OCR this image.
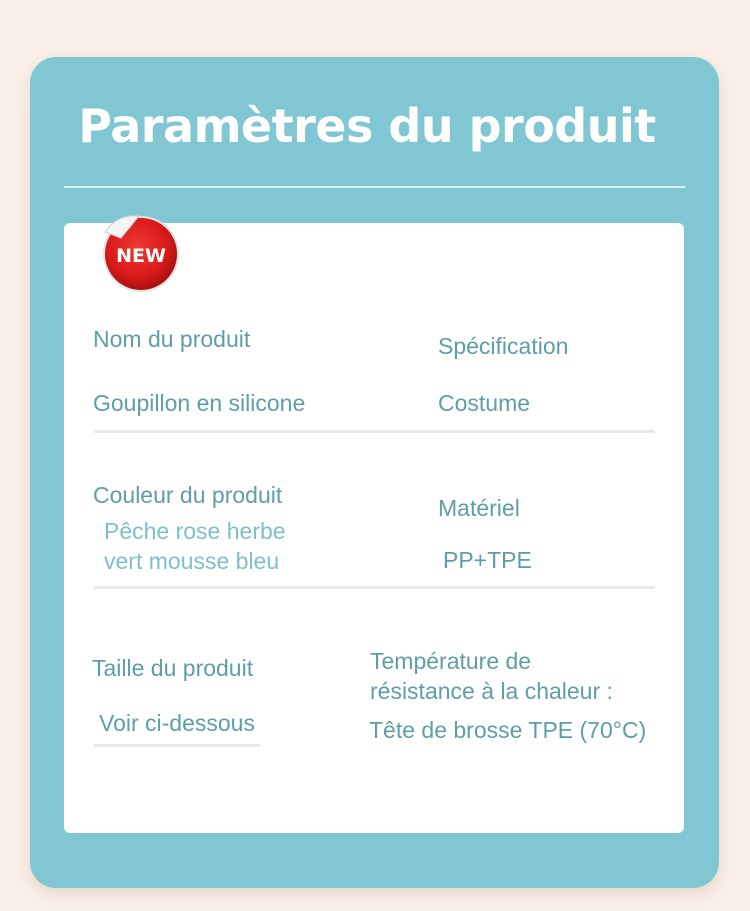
Paramètres du produit
NEW
Nom du produit
Goupillon en silicone
Spécification
Costume
Couleur du produit
Pêche rose herbe
vert mousse bleu
Matériel
PP+TPE
Taille du produit
Voir ci-dessous
Température de
résistance à la chaleur :
Tête de brosse TPE (70°C)
